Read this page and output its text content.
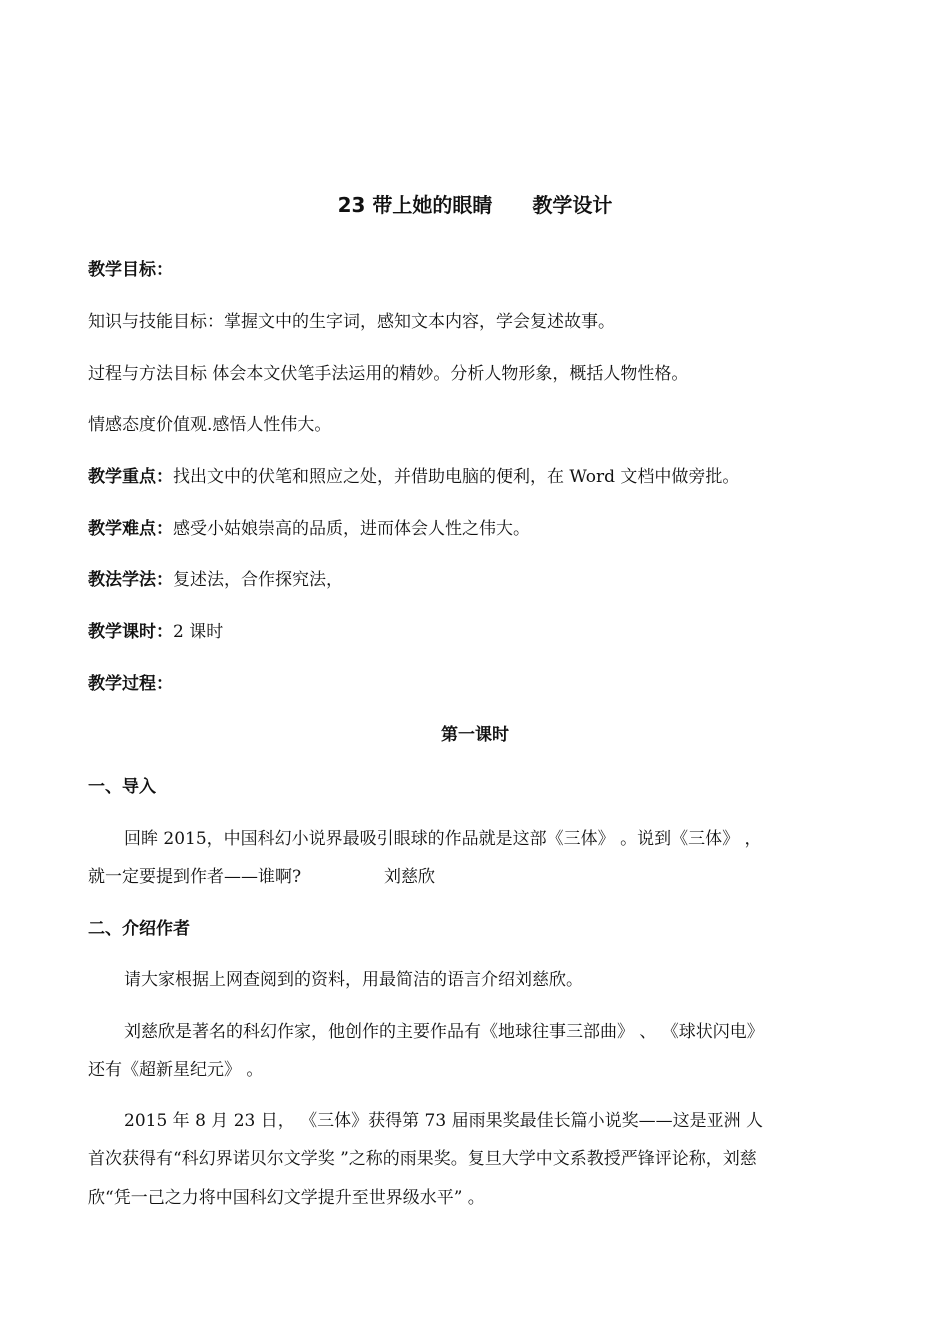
23 带上她的眼睛 教学设计
教学目标：
知识与技能目标：掌握文中的生字词，感知文本内容，学会复述故事。
过程与方法目标 体会本文伏笔手法运用的精妙。分析人物形象，概括人物性格。
情感态度价值观.感悟人性伟大。
教学重点：找出文中的伏笔和照应之处，并借助电脑的便利，在 Word 文档中做旁批。
教学难点：感受小姑娘崇高的品质，进而体会人性之伟大。
教法学法：复述法，合作探究法，
教学课时：2 课时
教学过程：
第一课时
一、导入
回眸 2015，中国科幻小说界最吸引眼球的作品就是这部《三体》 。说到《三体》 ，
就一定要提到作者——谁啊?	刘慈欣
二、介绍作者
请大家根据上网查阅到的资料，用最简洁的语言介绍刘慈欣。
刘慈欣是著名的科幻作家，他创作的主要作品有《地球往事三部曲》 、 《球状闪电》
还有《超新星纪元》 。
2015 年 8 月 23 日， 《三体》获得第 73 届雨果奖最佳长篇小说奖——这是亚洲 人
首次获得有“科幻界诺贝尔文学奖 ”之称的雨果奖。复旦大学中文系教授严锋评论称，刘慈
欣“凭一己之力将中国科幻文学提升至世界级水平” 。
